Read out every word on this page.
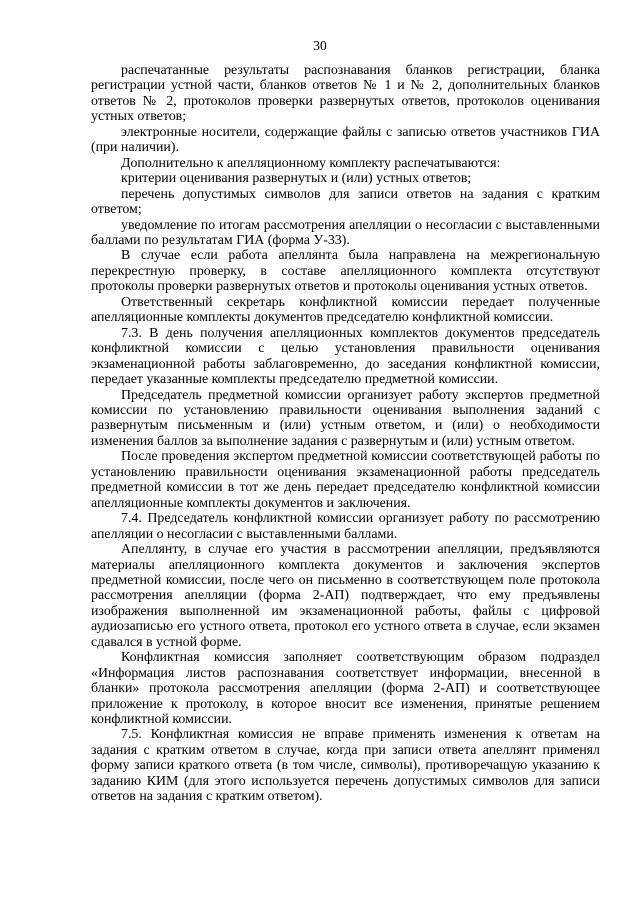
30

распечатанные результаты распознавания бланков регистрации, бланка регистрации устной части, бланков ответов № 1 и № 2, дополнительных бланков ответов № 2, протоколов проверки развернутых ответов, протоколов оценивания устных ответов;

электронные носители, содержащие файлы с записью ответов участников ГИА (при наличии).

Дополнительно к апелляционному комплекту распечатываются:

критерии оценивания развернутых и (или) устных ответов;

перечень допустимых символов для записи ответов на задания с кратким ответом;

уведомление по итогам рассмотрения апелляции о несогласии с выставленными баллами по результатам ГИА (форма У-33).

В случае если работа апеллянта была направлена на межрегиональную перекрестную проверку, в составе апелляционного комплекта отсутствуют протоколы проверки развернутых ответов и протоколы оценивания устных ответов.

Ответственный секретарь конфликтной комиссии передает полученные апелляционные комплекты документов председателю конфликтной комиссии.

7.3. В день получения апелляционных комплектов документов председатель конфликтной комиссии с целью установления правильности оценивания экзаменационной работы заблаговременно, до заседания конфликтной комиссии, передает указанные комплекты председателю предметной комиссии.

Председатель предметной комиссии организует работу экспертов предметной комиссии по установлению правильности оценивания выполнения заданий с развернутым письменным и (или) устным ответом, и (или) о необходимости изменения баллов за выполнение задания с развернутым и (или) устным ответом.

После проведения экспертом предметной комиссии соответствующей работы по установлению правильности оценивания экзаменационной работы председатель предметной комиссии в тот же день передает председателю конфликтной комиссии апелляционные комплекты документов и заключения.

7.4. Председатель конфликтной комиссии организует работу по рассмотрению апелляции о несогласии с выставленными баллами.

Апеллянту, в случае его участия в рассмотрении апелляции, предъявляются материалы апелляционного комплекта документов и заключения экспертов предметной комиссии, после чего он письменно в соответствующем поле протокола рассмотрения апелляции (форма 2-АП) подтверждает, что ему предъявлены изображения выполненной им экзаменационной работы, файлы с цифровой аудиозаписью его устного ответа, протокол его устного ответа в случае, если экзамен сдавался в устной форме.

Конфликтная комиссия заполняет соответствующим образом подраздел «Информация листов распознавания соответствует информации, внесенной в бланки» протокола рассмотрения апелляции (форма 2-АП) и соответствующее приложение к протоколу, в которое вносит все изменения, принятые решением конфликтной комиссии.

7.5. Конфликтная комиссия не вправе применять изменения к ответам на задания с кратким ответом в случае, когда при записи ответа апеллянт применял форму записи краткого ответа (в том числе, символы), противоречащую указанию к заданию КИМ (для этого используется перечень допустимых символов для записи ответов на задания с кратким ответом).
